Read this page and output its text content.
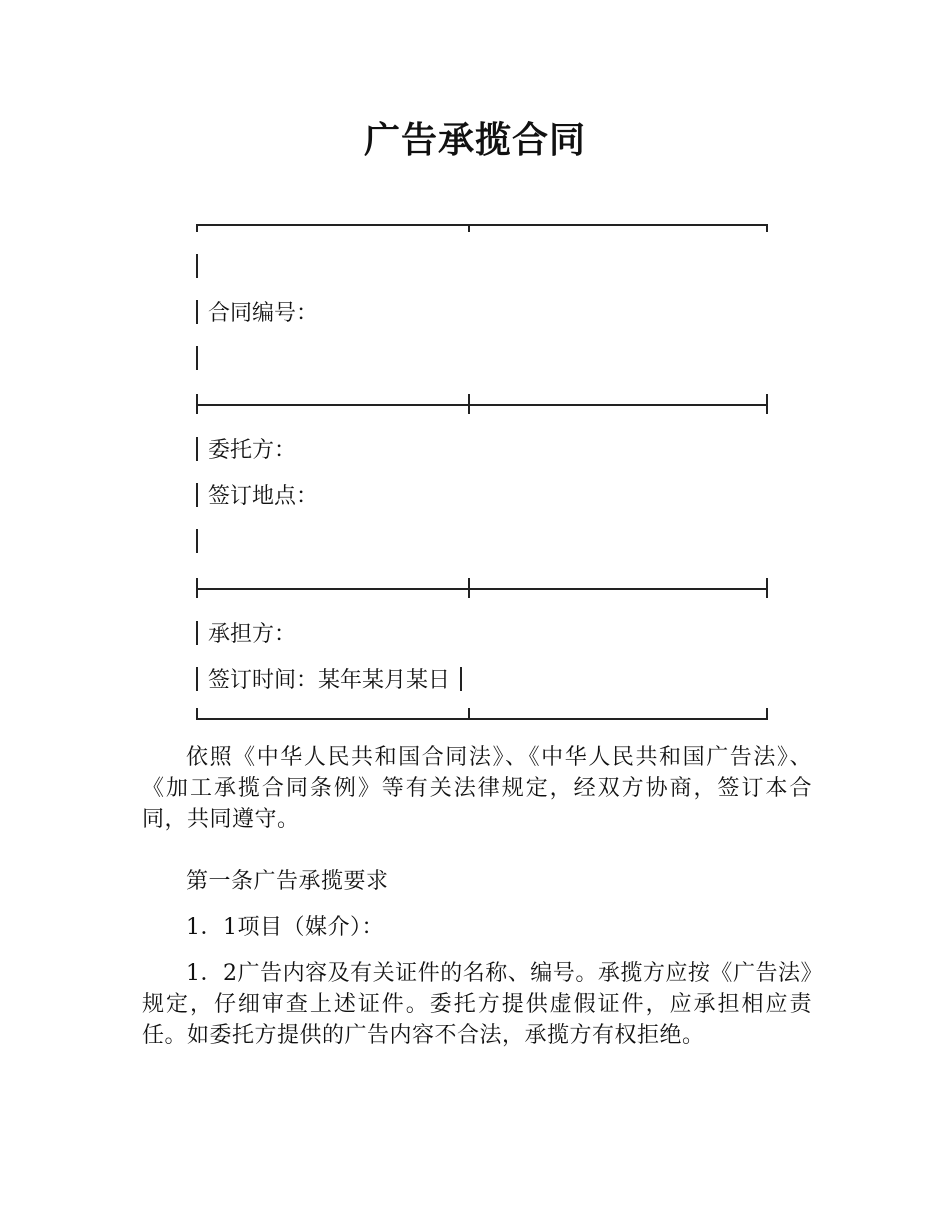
广告承揽合同
合同编号：
委托方：
签订地点：
承担方：
签订时间：某年某月某日

依照《中华人民共和国合同法》、《中华人民共和国广告法》、《加工承揽合同条例》等有关法律规定，经双方协商，签订本合同，共同遵守。

第一条广告承揽要求

1．1项目（媒介）：

1．2广告内容及有关证件的名称、编号。承揽方应按《广告法》规定，仔细审查上述证件。委托方提供虚假证件，应承担相应责任。如委托方提供的广告内容不合法，承揽方有权拒绝。
